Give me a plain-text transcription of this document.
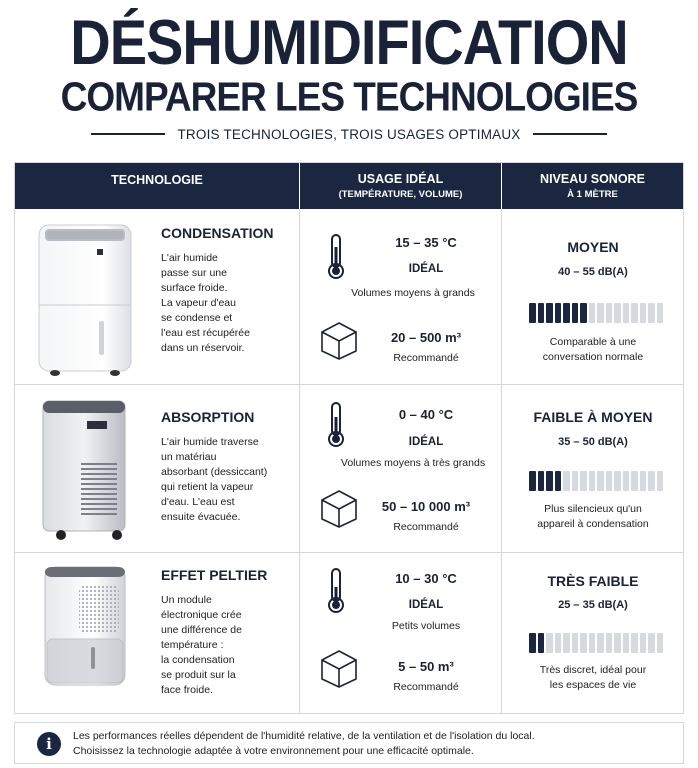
DÉSHUMIDIFICATION
COMPARER LES TECHNOLOGIES
TROIS TECHNOLOGIES, TROIS USAGES OPTIMAUX
TECHNOLOGIE	USAGE IDÉAL
(TEMPÉRATURE, VOLUME)
NIVEAU SONORE
À 1 MÈTRE
CONDENSATION
L'air humide
passe sur une
surface froide.
La vapeur d'eau
se condense et
l'eau est récupérée
dans un réservoir.
15 – 35 °C
IDÉAL
Volumes moyens à grands
20 – 500 m³
Recommandé
MOYEN
40 – 55 dB(A)
Comparable à une
conversation normale
ABSORPTION
L'air humide traverse
un matériau
absorbant (dessiccant)
qui retient la vapeur
d'eau. L'eau est
ensuite évacuée.
0 – 40 °C
IDÉAL
Volumes moyens à très grands
50 – 10 000 m³
Recommandé
FAIBLE À MOYEN
35 – 50 dB(A)
Plus silencieux qu'un
appareil à condensation
EFFET PELTIER
Un module
électronique crée
une différence de
température :
la condensation
se produit sur la
face froide.
10 – 30 °C
IDÉAL
Petits volumes
5 – 50 m³
Recommandé
TRÈS FAIBLE
25 – 35 dB(A)
Très discret, idéal pour
les espaces de vie
i	Les performances réelles dépendent de l'humidité relative, de la ventilation et de l'isolation du local.
Choisissez la technologie adaptée à votre environnement pour une efficacité optimale.
